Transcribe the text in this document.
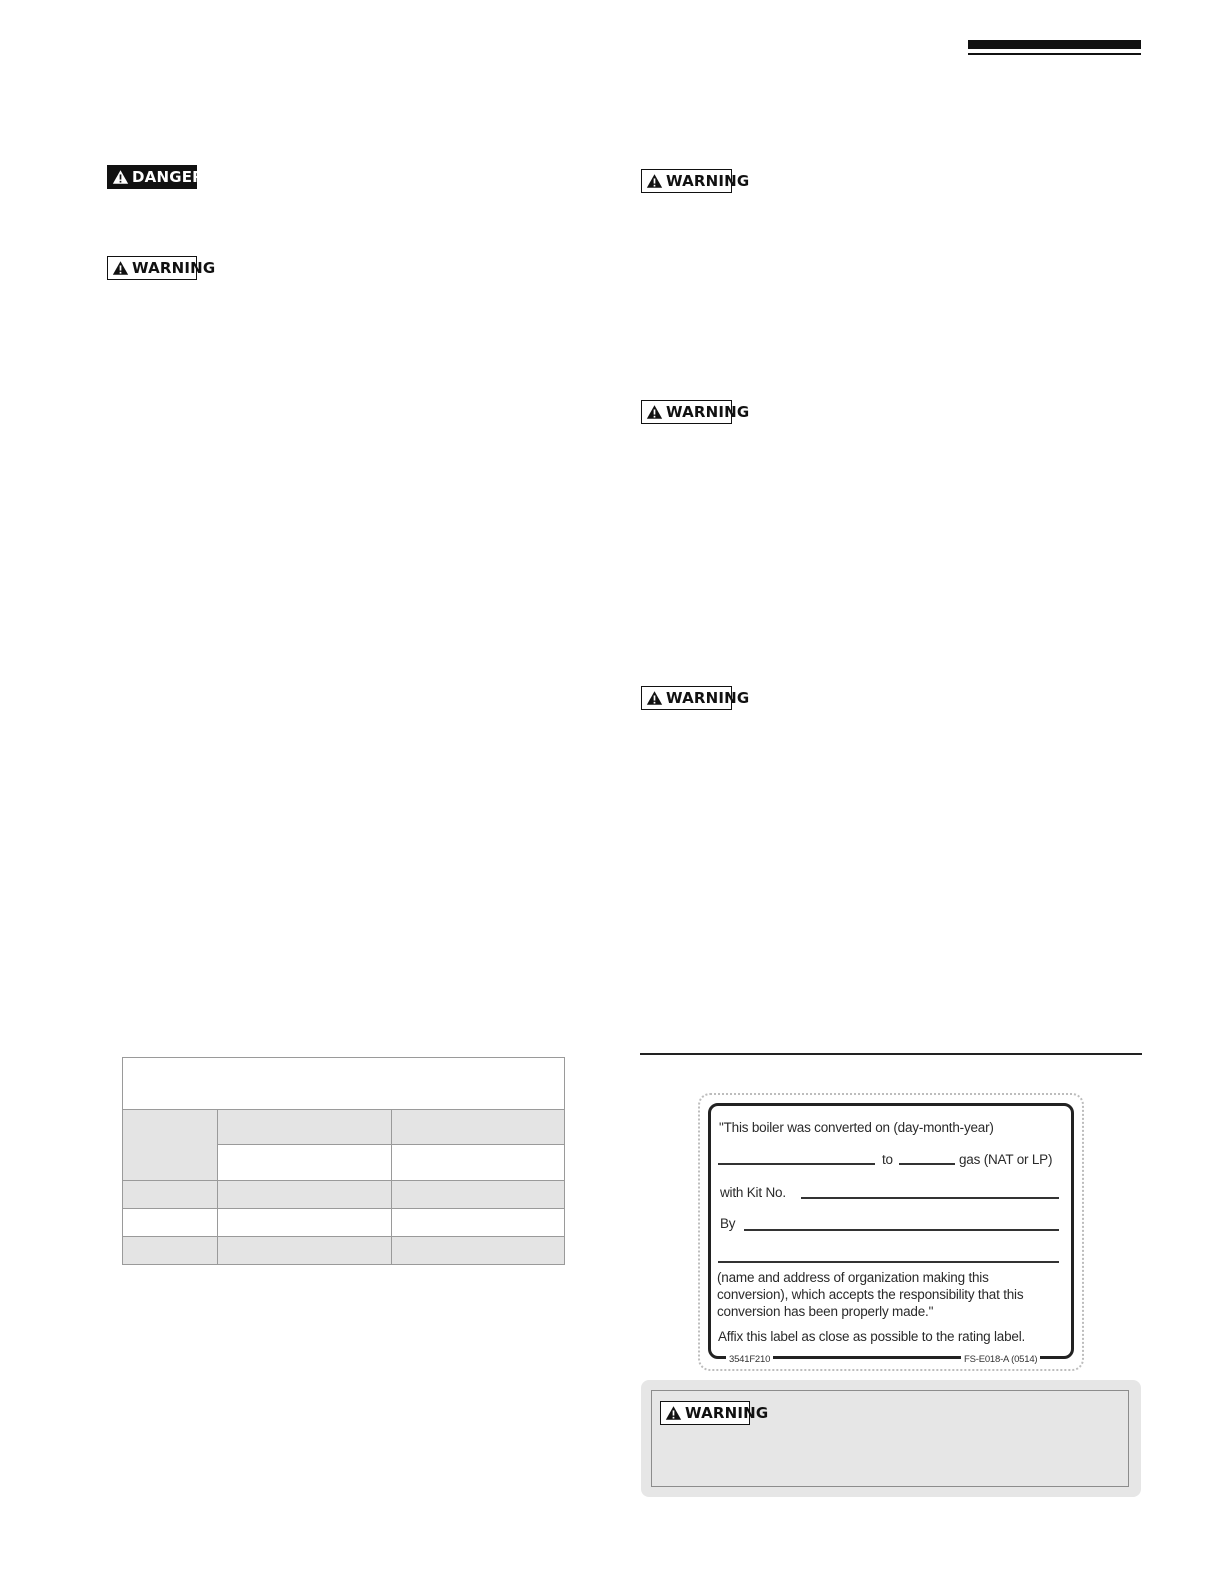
DANGER
WARNING
WARNING
WARNING
WARNING
"This boiler was converted on (day-month-year)
to	gas (NAT or LP)
with Kit No.
By
(name and address of organization making this
conversion), which accepts the responsibility that this
conversion has been properly made."
Affix this label as close as possible to the rating label.
3541F210	FS-E018-A (0514)
WARNING
